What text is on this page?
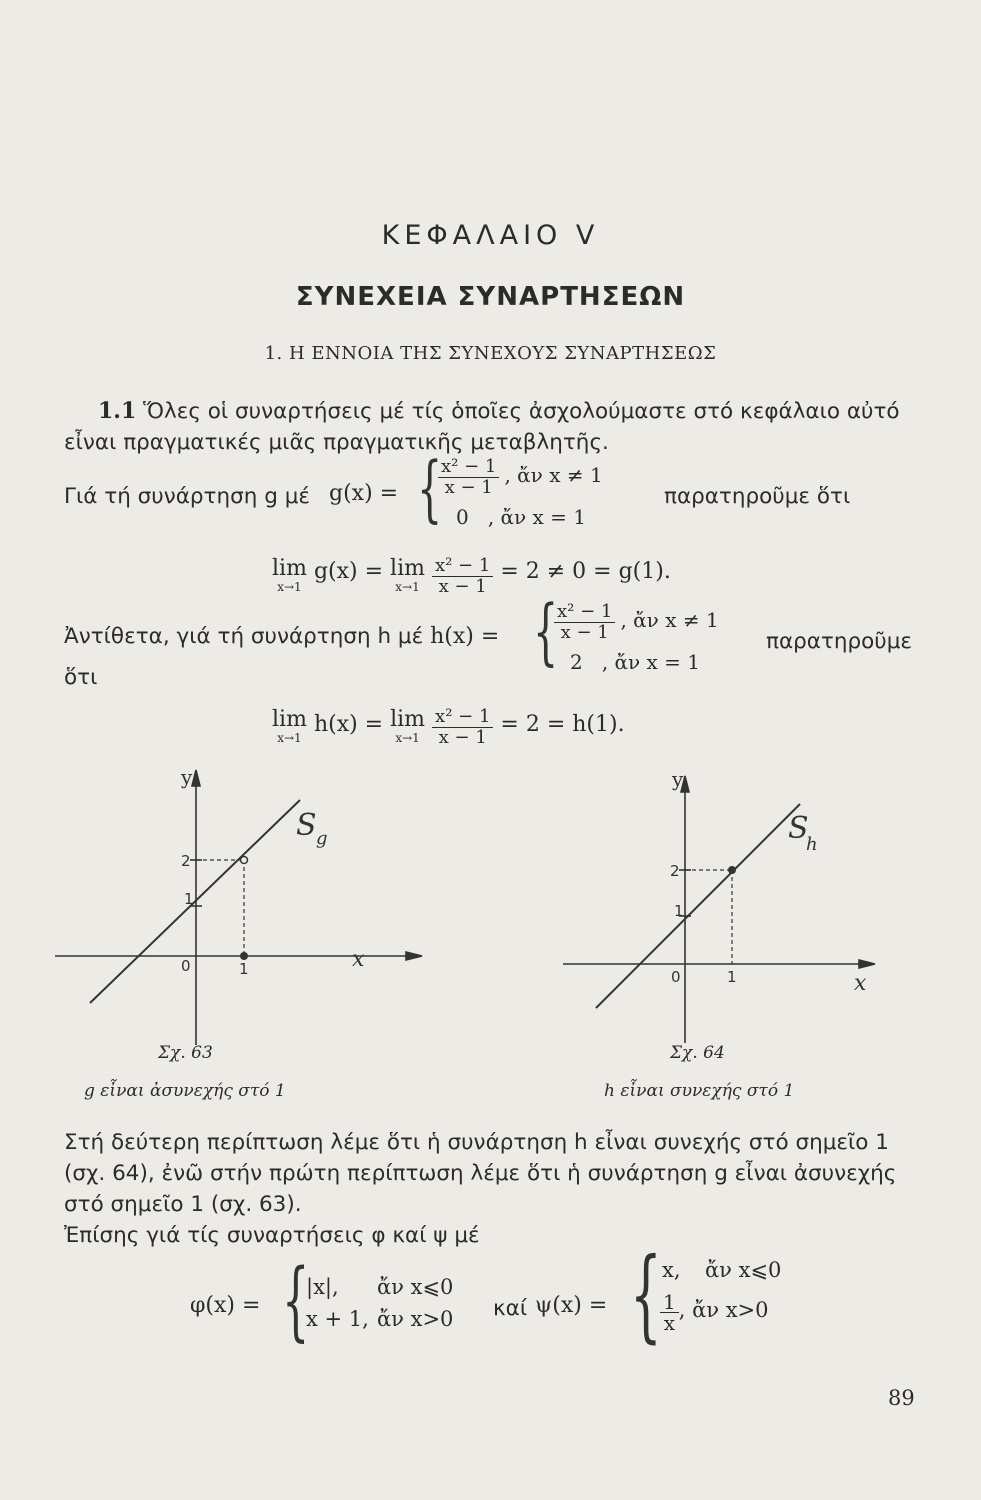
ΚΕΦΑΛΑΙΟ V
ΣΥΝΕΧΕΙΑ ΣΥΝΑΡΤΗΣΕΩΝ
1. Η ΕΝΝΟΙΑ ΤΗΣ ΣΥΝΕΧΟΥΣ ΣΥΝΑΡΤΗΣΕΩΣ
1.1 Ὅλες οἱ συναρτήσεις μέ τίς ὁποῖες ἀσχολούμαστε στό κεφάλαιο αὐτό
εἶναι πραγματικές μιᾶς πραγματικῆς μεταβλητῆς.
Γιά τή συνάρτηση g μέ g(x) = {
$\frac{\text{x² − 1}}{x - 1}$ , ἄν x ≠ 1
0 , ἄν x = 1
παρατηροῦμε ὅτι
lim
x→1
g(x) = lim
x→1
$\frac{\text{x² − 1}}{x - 1} = 2 \ne 0 = g(1)$.
Ἀντίθετα, γιά τή συνάρτηση h μέ h(x) = {
$\frac{\text{x² − 1}}{x - 1}$ , ἄν x ≠ 1
2 , ἄν x = 1
παρατηροῦμε
ὅτι
lim
x→1
h(x) = lim
x→1
$\frac{\text{x² − 1}}{x - 1} = 2 = h(1)$.
y
x
S g
2
1
0	1
Σχ. 63
g εἶναι ἀσυνεχής στό 1
y
x
S
h
2
1
0	1
Σχ. 64
h εἶναι συνεχής στό 1
Στή δεύτερη περίπτωση λέμε ὅτι ἡ συνάρτηση h εἶναι συνεχής στό σημεῖο 1
(σχ. 64), ἐνῶ στήν πρώτη περίπτωση λέμε ὅτι ἡ συνάρτηση g εἶναι ἀσυνεχής
στό σημεῖο 1 (σχ. 63).
Ἐπίσης γιά τίς συναρτήσεις φ καί ψ μέ
φ(x) = {
|x|, ἄν x⩽0
x + 1, ἄν x>0 καί ψ(x) = { x, ἄν x⩽0
$\frac{1}{x}$ , ἄν x>0
89
